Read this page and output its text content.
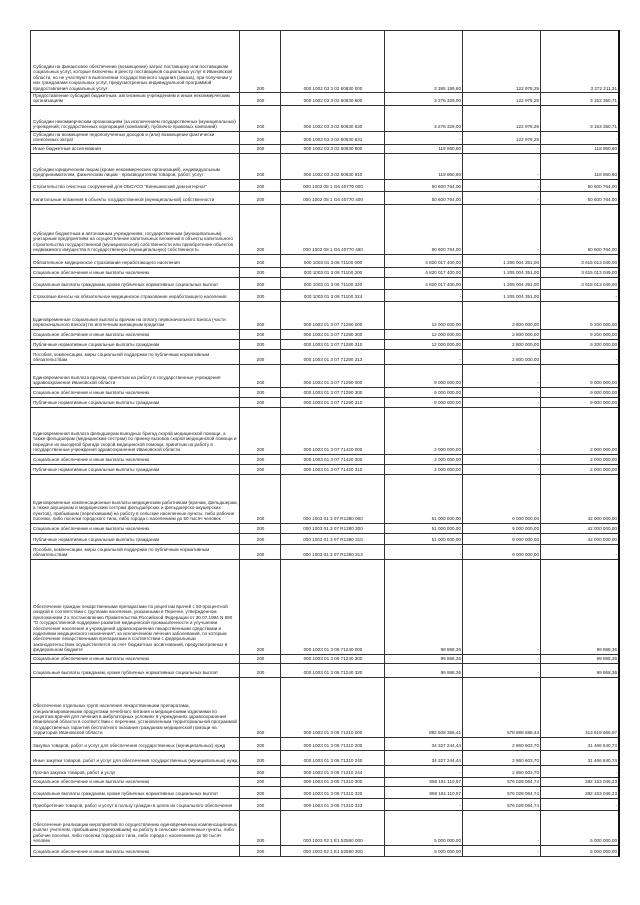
Субсидии на финансовое обеспечение (возмещение) затрат поставщику или поставщикам социальных услуг, которые включены в реестр поставщиков социальных услуг в Ивановской области, но не участвуют в выполнении государственного задания (заказа), при получении у них гражданами социальных услуг, предусмотренных индивидуальной программой предоставления социальных услуг	200	000 1002 03 3 02 60630 000	3 395 189,60	122 978,29	3 272 211,31
Предоставление субсидий бюджетным, автономным учреждениям и иным некоммерческим организациям	200	000 1002 03 3 02 60630 600	3 276 329,00	122 978,29	3 153 350,71
Субсидии некоммерческим организациям (за исключением государственных (муниципальных) учреждений, государственных корпораций (компаний), публично-правовых компаний)	200	000 1002 03 3 02 60630 630	3 276 329,00	122 978,29	3 153 350,71
Субсидии на возмещение недополученных доходов и (или) возмещение фактически понесенных затрат	200	000 1002 03 3 02 60630 631	-	122 978,29	-
Иные бюджетные ассигнования	200	000 1002 03 3 02 60630 800	118 860,60	-	118 860,60
Субсидии юридическим лицам (кроме некоммерческих организаций), индивидуальным предпринимателям, физическим лицам - производителям товаров, работ, услуг	200	000 1002 03 3 02 60630 810	118 860,60	-	118 860,60
Строительство очистных сооружений для ОБСУСО "Кинешемский дом-интернат"	200	000 1002 08 1 G6 40770 000	50 600 764,00	-	50 600 764,00
Капитальные вложения в объекты государственной (муниципальной) собственности	200	000 1002 08 1 G6 40770 400	50 600 764,00	-	50 600 764,00
Субсидии бюджетным и автономным учреждениям, государственным (муниципальным) унитарным предприятиям на осуществление капитальных вложений в объекты капитального строительства государственной (муниципальной) собственности или приобретение объектов недвижимого имущества в государственную (муниципальную) собственность	200	000 1002 08 1 G6 40770 460	50 600 764,00	-	50 600 764,00
Обязательное медицинское страхование неработающего населения	200	000 1003 01 3 06 71100 000	4 820 017 400,00	1 205 004 351,00	3 615 013 049,00
Социальное обеспечение и иные выплаты населению	200	000 1003 01 3 06 71100 300	4 820 017 400,00	1 205 004 351,00	3 615 013 049,00
Социальные выплаты гражданам, кроме публичных нормативных социальных выплат	200	000 1003 01 3 06 71100 320	4 820 017 400,00	1 205 004 351,00	3 615 013 049,00
Страховые взносы на обязательное медицинское страхование неработающего населения	200	000 1003 01 3 06 71100 324	-	1 205 004 351,00	-
Единовременные социальные выплаты врачам на оплату первоначального взноса (части первоначального взноса) по ипотечным жилищным кредитам	200	000 1003 01 3 07 71280 000	12 000 000,00	2 800 000,00	9 200 000,00
Социальное обеспечение и иные выплаты населению	200	000 1003 01 3 07 71280 300	12 000 000,00	2 800 000,00	9 200 000,00
Публичные нормативные социальные выплаты гражданам	200	000 1003 01 3 07 71280 310	12 000 000,00	2 800 000,00	9 200 000,00
Пособия, компенсации, меры социальной поддержки по публичным нормативным обязательствам	200	000 1003 01 3 07 71280 313	-	2 800 000,00	-
Единовременная выплата врачам, принятым на работу в государственные учреждения здравоохранения Ивановской области	200	000 1003 01 3 07 71290 000	9 000 000,00	-	9 000 000,00
Социальное обеспечение и иные выплаты населению	200	000 1003 01 3 07 71290 300	9 000 000,00	-	9 000 000,00
Публичные нормативные социальные выплаты гражданам	200	000 1003 01 3 07 71290 310	9 000 000,00	-	9 000 000,00
Единовременная выплата фельдшерам выездных бригад скорой медицинской помощи, а также фельдшерам (медицинским сестрам) по приему вызовов скорой медицинской помощи и передаче их выездной бригаде скорой медицинской помощи, принятым на работу в государственные учреждения здравоохранения Ивановской области	200	000 1003 01 3 07 71420 000	2 000 000,00	-	2 000 000,00
Социальное обеспечение и иные выплаты населению	200	000 1003 01 3 07 71420 300	2 000 000,00	-	2 000 000,00
Публичные нормативные социальные выплаты гражданам	200	000 1003 01 3 07 71420 310	2 000 000,00	-	2 000 000,00
Единовременные компенсационные выплаты медицинским работникам (врачам, фельдшерам, а также акушеркам и медицинским сестрам фельдшерских и фельдшерско-акушерских пунктов), прибывшим (переехавшим) на работу в сельские населенные пункты, либо рабочие поселки, либо поселки городского типа, либо города с населением до 50 тысяч человек	200	000 1003 01 3 07 R1380 000	51 000 000,00	9 000 000,00	42 000 000,00
Социальное обеспечение и иные выплаты населению	200	000 1003 01 3 07 R1380 300	51 000 000,00	9 000 000,00	42 000 000,00
Публичные нормативные социальные выплаты гражданам	200	000 1003 01 3 07 R1380 310	51 000 000,00	9 000 000,00	42 000 000,00
Пособия, компенсации, меры социальной поддержки по публичным нормативным обязательствам	200	000 1003 01 3 07 R1380 313	-	9 000 000,00	-
Обеспечение граждан лекарственными препаратами по рецептам врачей с 50-процентной скидкой в соответствии с группами населения, указанными в Перечне, утвержденном приложением 2 к постановлению Правительства Российской Федерации от 30.07.1994 N 890 "О государственной поддержке развития медицинской промышленности и улучшении обеспечения населения и учреждений здравоохранения лекарственными средствами и изделиями медицинского назначения", за исключением лечения заболеваний, по которым обеспечение лекарственными препаратами в соответствии с федеральным законодательством осуществляется за счет бюджетных ассигнований, предусмотренных в федеральном бюджете	200	000 1003 01 3 06 71240 000	99 868,36	-	99 868,36
Социальное обеспечение и иные выплаты населению	200	000 1003 01 3 06 71240 300	99 868,36	-	99 868,36
Социальные выплаты гражданам, кроме публичных нормативных социальных выплат	200	000 1003 01 3 06 71240 320	99 868,36	-	99 868,36
Обеспечение отдельных групп населения лекарственными препаратами, специализированными продуктами лечебного питания и медицинскими изделиями по рецептам врачей для лечения в амбулаторных условиях в учреждениях здравоохранения Ивановской области в соответствии с перечнем, установленным территориальной программой государственных гарантий бесплатного оказания гражданам медицинской помощи на территории Ивановской области	200	000 1003 01 3 06 71310 000	892 508 355,41	578 888 688,44	313 619 666,97
Закупка товаров, работ и услуг для обеспечения государственных (муниципальных) нужд	200	000 1003 01 3 06 71310 200	34 327 244,44	2 860 603,70	31 466 640,74
Иные закупки товаров, работ и услуг для обеспечения государственных (муниципальных) нужд	200	000 1003 01 3 06 71310 240	34 327 244,44	2 860 603,70	31 466 640,74
Прочая закупка товаров, работ и услуг	200	000 1003 01 3 06 71310 244	-	2 860 603,70	-
Социальное обеспечение и иные выплаты населению	200	000 1003 01 3 06 71310 300	858 181 110,97	576 028 064,74	282 153 046,23
Социальные выплаты гражданам, кроме публичных нормативных социальных выплат	200	000 1003 01 3 06 71310 320	858 181 110,97	576 028 064,74	282 153 046,23
Приобретение товаров, работ и услуг в пользу граждан в целях их социального обеспечения	200	000 1003 01 3 06 71310 323	-	576 028 064,74	-
Обеспечение реализации мероприятий по осуществлению единовременных компенсационных выплат учителям, прибывшим (переехавшим) на работу в сельские населенные пункты, либо рабочие поселки, либо поселки городского типа, либо города с населением до 50 тысяч человек	200	000 1003 02 1 Е1 52560 000	5 000 000,00	-	5 000 000,00
Социальное обеспечение и иные выплаты населению	200	000 1003 02 1 Е1 52560 300	5 000 000,00	-	5 000 000,00
